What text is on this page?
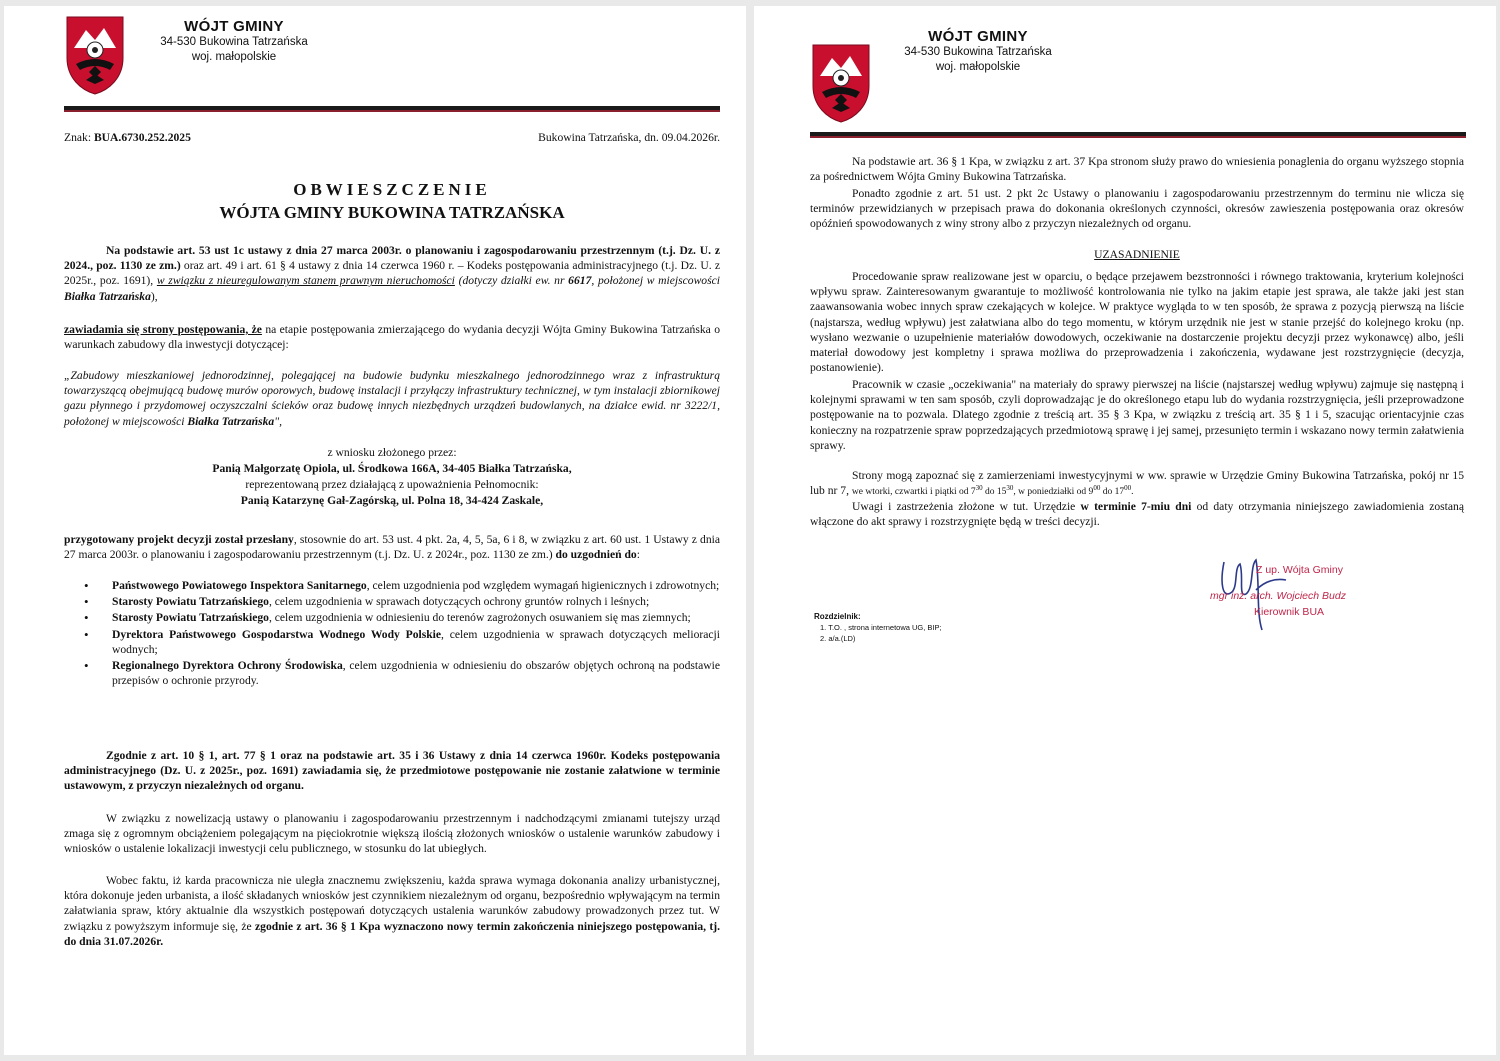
WÓJT GMINY
34-530 Bukowina Tatrzańska
woj. małopolskie
Znak: BUA.6730.252.2025	Bukowina Tatrzańska, dn. 09.04.2026r.
OBWIESZCZENIE
WÓJTA GMINY BUKOWINA TATRZAŃSKA

Na podstawie art. 53 ust 1c ustawy z dnia 27 marca 2003r. o planowaniu i zagospodarowaniu przestrzennym (t.j. Dz. U. z 2024., poz. 1130 ze zm.) oraz art. 49 i art. 61 § 4 ustawy z dnia 14 czerwca 1960 r. – Kodeks postępowania administracyjnego (t.j. Dz. U. z 2025r., poz. 1691), w związku z nieuregulowanym stanem prawnym nieruchomości (dotyczy działki ew. nr 6617, położonej w miejscowości Białka Tatrzańska),

zawiadamia się strony postępowania, że na etapie postępowania zmierzającego do wydania decyzji Wójta Gminy Bukowina Tatrzańska o warunkach zabudowy dla inwestycji dotyczącej:

„Zabudowy mieszkaniowej jednorodzinnej, polegającej na budowie budynku mieszkalnego jednorodzinnego wraz z infrastrukturą towarzyszącą obejmującą budowę murów oporowych, budowę instalacji i przyłączy infrastruktury technicznej, w tym instalacji zbiornikowej gazu płynnego i przydomowej oczyszczalni ścieków oraz budowę innych niezbędnych urządzeń budowlanych, na działce ewid. nr 3222/1, położonej w miejscowości Białka Tatrzańska",

z wniosku złożonego przez:
Panią Małgorzatę Opiola, ul. Środkowa 166A, 34-405 Białka Tatrzańska,
reprezentowaną przez działającą z upoważnienia Pełnomocnik:
Panią Katarzynę Gał-Zagórską, ul. Polna 18, 34-424 Zaskale,

przygotowany projekt decyzji został przesłany, stosownie do art. 53 ust. 4 pkt. 2a, 4, 5, 5a, 6 i 8, w związku z art. 60 ust. 1 Ustawy z dnia 27 marca 2003r. o planowaniu i zagospodarowaniu przestrzennym (t.j. Dz. U. z 2024r., poz. 1130 ze zm.) do uzgodnień do:

• Państwowego Powiatowego Inspektora Sanitarnego, celem uzgodnienia pod względem wymagań higienicznych i zdrowotnych;
• Starosty Powiatu Tatrzańskiego, celem uzgodnienia w sprawach dotyczących ochrony gruntów rolnych i leśnych;
• Starosty Powiatu Tatrzańskiego, celem uzgodnienia w odniesieniu do terenów zagrożonych osuwaniem się mas ziemnych;
• Dyrektora Państwowego Gospodarstwa Wodnego Wody Polskie, celem uzgodnienia w sprawach dotyczących melioracji wodnych;
• Regionalnego Dyrektora Ochrony Środowiska, celem uzgodnienia w odniesieniu do obszarów objętych ochroną na podstawie przepisów o ochronie przyrody.

Zgodnie z art. 10 § 1, art. 77 § 1 oraz na podstawie art. 35 i 36 Ustawy z dnia 14 czerwca 1960r. Kodeks postępowania administracyjnego (Dz. U. z 2025r., poz. 1691) zawiadamia się, że przedmiotowe postępowanie nie zostanie załatwione w terminie ustawowym, z przyczyn niezależnych od organu.

W związku z nowelizacją ustawy o planowaniu i zagospodarowaniu przestrzennym i nadchodzącymi zmianami tutejszy urząd zmaga się z ogromnym obciążeniem polegającym na pięciokrotnie większą ilością złożonych wniosków o ustalenie warunków zabudowy i wniosków o ustalenie lokalizacji inwestycji celu publicznego, w stosunku do lat ubiegłych.

Wobec faktu, iż karda pracownicza nie uległa znacznemu zwiększeniu, każda sprawa wymaga dokonania analizy urbanistycznej, która dokonuje jeden urbanista, a ilość składanych wniosków jest czynnikiem niezależnym od organu, bezpośrednio wpływającym na termin załatwiania spraw, który aktualnie dla wszystkich postępowań dotyczących ustalenia warunków zabudowy prowadzonych przez tut. W związku z powyższym informuje się, że zgodnie z art. 36 § 1 Kpa wyznaczono nowy termin zakończenia niniejszego postępowania, tj. do dnia 31.07.2026r.

WÓJT GMINY
34-530 Bukowina Tatrzańska
woj. małopolskie

Na podstawie art. 36 § 1 Kpa, w związku z art. 37 Kpa stronom służy prawo do wniesienia ponaglenia do organu wyższego stopnia za pośrednictwem Wójta Gminy Bukowina Tatrzańska.

Ponadto zgodnie z art. 51 ust. 2 pkt 2c Ustawy o planowaniu i zagospodarowaniu przestrzennym do terminu nie wlicza się terminów przewidzianych w przepisach prawa do dokonania określonych czynności, okresów zawieszenia postępowania oraz okresów opóźnień spowodowanych z winy strony albo z przyczyn niezależnych od organu.

UZASADNIENIE

Procedowanie spraw realizowane jest w oparciu, o będące przejawem bezstronności i równego traktowania, kryterium kolejności wpływu spraw. Zainteresowanym gwarantuje to możliwość kontrolowania nie tylko na jakim etapie jest sprawa, ale także jaki jest stan zaawansowania wobec innych spraw czekających w kolejce. W praktyce wygląda to w ten sposób, że sprawa z pozycją pierwszą na liście (najstarsza, według wpływu) jest załatwiana albo do tego momentu, w którym urzędnik nie jest w stanie przejść do kolejnego kroku (np. wysłano wezwanie o uzupełnienie materiałów dowodowych, oczekiwanie na dostarczenie projektu decyzji przez wykonawcę) albo, jeśli materiał dowodowy jest kompletny i sprawa możliwa do przeprowadzenia i zakończenia, wydawane jest rozstrzygnięcie (decyzja, postanowienie).

Pracownik w czasie „oczekiwania" na materiały do sprawy pierwszej na liście (najstarszej według wpływu) zajmuje się następną i kolejnymi sprawami w ten sam sposób, czyli doprowadzając je do określonego etapu lub do wydania rozstrzygnięcia, jeśli przeprowadzone postępowanie na to pozwala. Dlatego zgodnie z treścią art. 35 § 3 Kpa, w związku z treścią art. 35 § 1 i 5, szacując orientacyjnie czas konieczny na rozpatrzenie spraw poprzedzających przedmiotową sprawę i jej samej, przesunięto termin i wskazano nowy termin załatwienia sprawy.

Strony mogą zapoznać się z zamierzeniami inwestycyjnymi w ww. sprawie w Urzędzie Gminy Bukowina Tatrzańska, pokój nr 15 lub nr 7, we wtorki, czwartki i piątki od $7^{30}$ do $15^{30}$, w poniedziałki od $9^{00}$ do $17^{00}$.

Uwagi i zastrzeżenia złożone w tut. Urzędzie w terminie 7-miu dni od daty otrzymania niniejszego zawiadomienia zostaną włączone do akt sprawy i rozstrzygnięte będą w treści decyzji.

Z up. Wójta Gminy
mgr inż. arch. Wojciech Budz
Kierownik BUA
Rozdzielnik:
1. T.O. , strona internetowa UG, BIP;
2. a/a.(LD)
